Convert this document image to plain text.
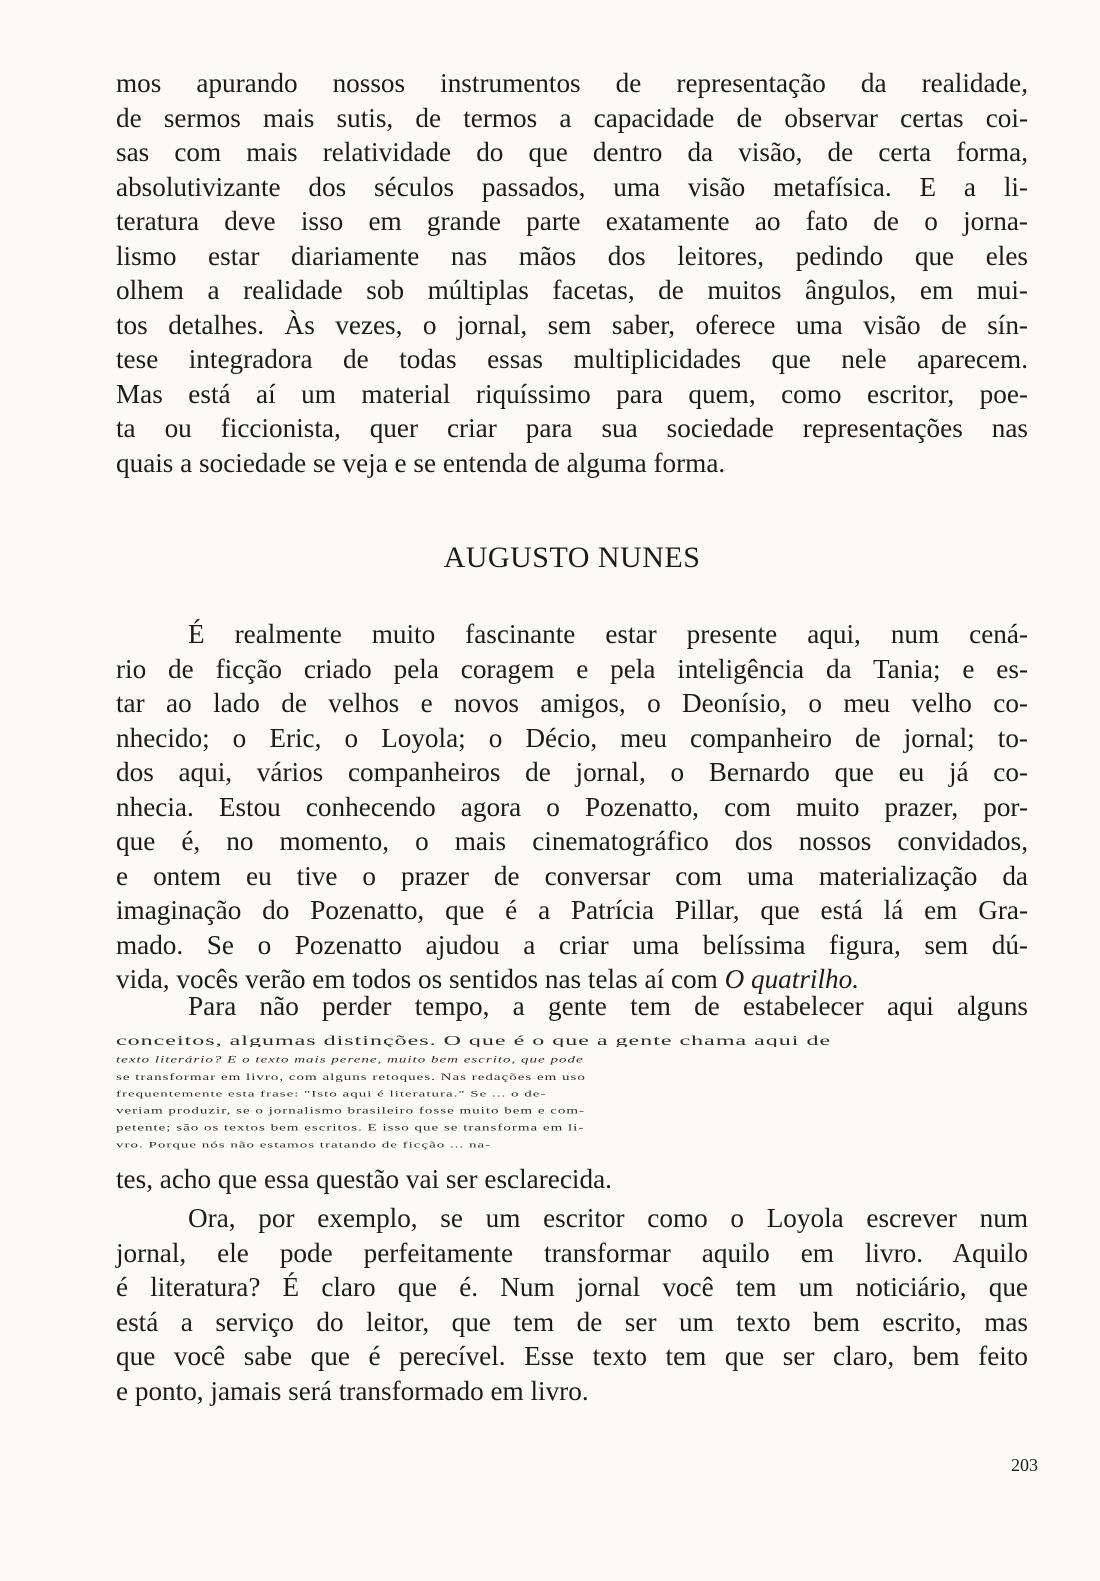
mos apurando nossos instrumentos de representação da realidade,
de sermos mais sutis, de termos a capacidade de observar certas coi-
sas com mais relatividade do que dentro da visão, de certa forma,
absolutivizante dos séculos passados, uma visão metafísica. E a li-
teratura deve isso em grande parte exatamente ao fato de o jorna-
lismo estar diariamente nas mãos dos leitores, pedindo que eles
olhem a realidade sob múltiplas facetas, de muitos ângulos, em mui-
tos detalhes. Às vezes, o jornal, sem saber, oferece uma visão de sín-
tese integradora de todas essas multiplicidades que nele aparecem.
Mas está aí um material riquíssimo para quem, como escritor, poe-
ta ou ficcionista, quer criar para sua sociedade representações nas
quais a sociedade se veja e se entenda de alguma forma.

AUGUSTO NUNES

É realmente muito fascinante estar presente aqui, num cená-
rio de ficção criado pela coragem e pela inteligência da Tania; e es-
tar ao lado de velhos e novos amigos, o Deonísio, o meu velho co-
nhecido; o Eric, o Loyola; o Décio, meu companheiro de jornal; to-
dos aqui, vários companheiros de jornal, o Bernardo que eu já co-
nhecia. Estou conhecendo agora o Pozenatto, com muito prazer, por-
que é, no momento, o mais cinematográfico dos nossos convidados,
e ontem eu tive o prazer de conversar com uma materialização da
imaginação do Pozenatto, que é a Patrícia Pillar, que está lá em Gra-
mado. Se o Pozenatto ajudou a criar uma belíssima figura, sem dú-
vida, vocês verão em todos os sentidos nas telas aí com O quatrilho.

Para não perder tempo, a gente tem de estabelecer aqui alguns

conceitos, algumas distinções. O que é o que a gente chama aqui de
texto literário? É o texto mais perene, muito bem escrito, que pode
se transformar em livro, com alguns retoques. Nas redações em uso
frequentemente esta frase: "Isto aqui é literatura." Se ... o de-
veriam produzir, se o jornalismo brasileiro fosse muito bem e com-
petente; são os textos bem escritos. É isso que se transforma em li-
vro. Porque nós não estamos tratando de ficção ... na-

tes, acho que essa questão vai ser esclarecida.

Ora, por exemplo, se um escritor como o Loyola escrever num
jornal, ele pode perfeitamente transformar aquilo em livro. Aquilo
é literatura? É claro que é. Num jornal você tem um noticiário, que
está a serviço do leitor, que tem de ser um texto bem escrito, mas
que você sabe que é perecível. Esse texto tem que ser claro, bem feito
e ponto, jamais será transformado em livro.

203
